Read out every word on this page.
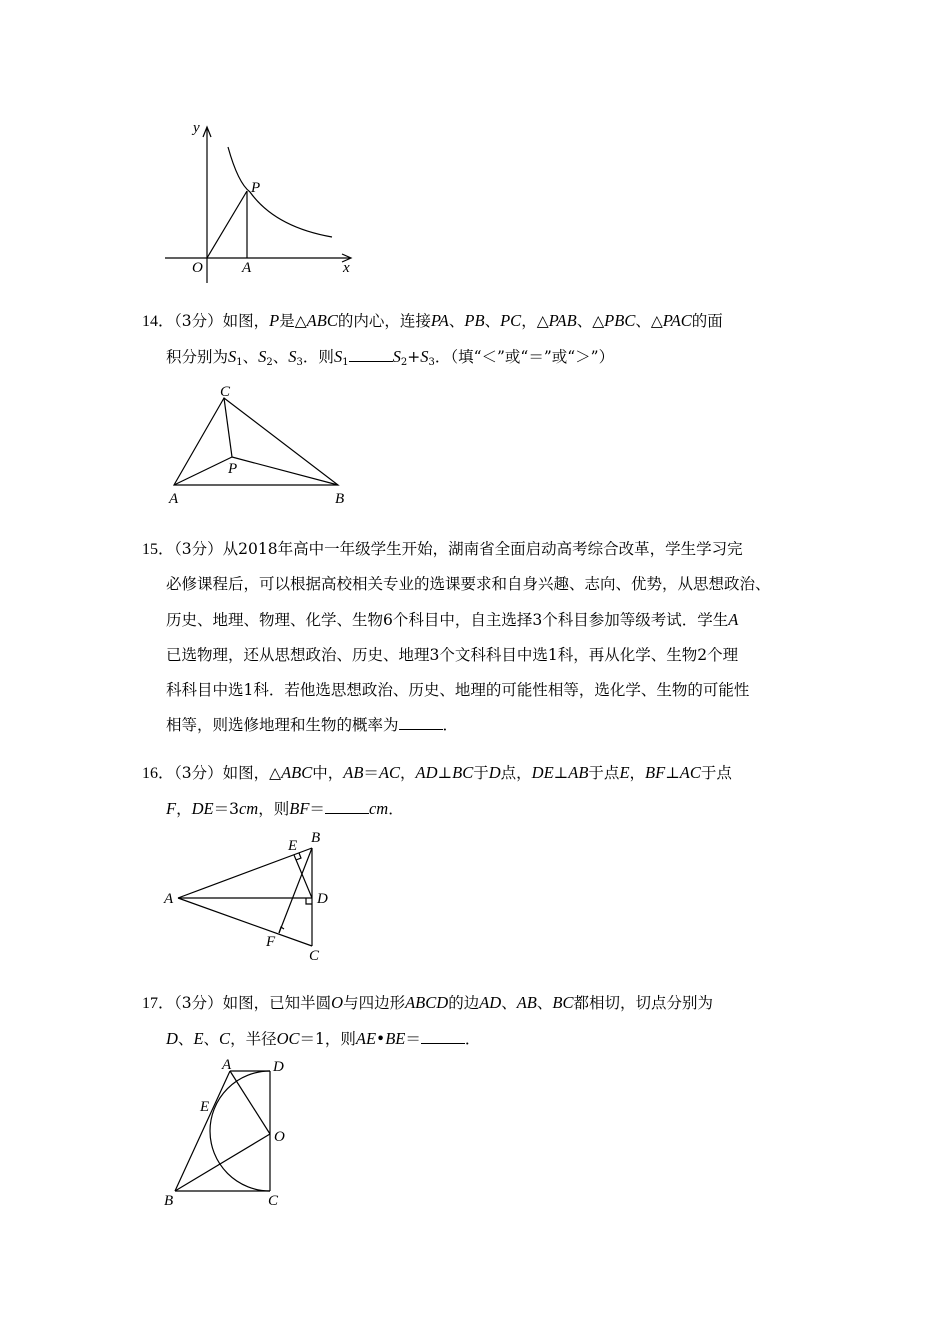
y
x
O	A
P
14．（3分）如图，P是△ABC的内心，连接PA、PB、PC，△PAB、△PBC、△PAC的面
积分别为$S_1$、$S_2$、$S_3$．则$S_1$	$S_2+S_3$．（填“＜”或“＝”或“＞”）
C
A	B
P
15．（3分）从2018年高中一年级学生开始，湖南省全面启动高考综合改革，学生学习完
必修课程后，可以根据高校相关专业的选课要求和自身兴趣、志向、优势，从思想政治、
历史、地理、物理、化学、生物6个科目中，自主选择3个科目参加等级考试．学生A
已选物理，还从思想政治、历史、地理3个文科科目中选1科，再从化学、生物2个理
科科目中选1科．若他选思想政治、历史、地理的可能性相等，选化学、生物的可能性
相等，则选修地理和生物的概率为	．
16．（3分）如图，△ABC中，AB＝AC，AD⊥BC于D点，DE⊥AB于点E，BF⊥AC于点
F，DE＝3cm，则BF＝	cm．
A
B
C
D
E
F
17．（3分）如图，已知半圆O与四边形ABCD的边AD、AB、BC都相切，切点分别为
D、E、C，半径OC＝1，则AE•BE＝	．
A	D
E
O
B	C
